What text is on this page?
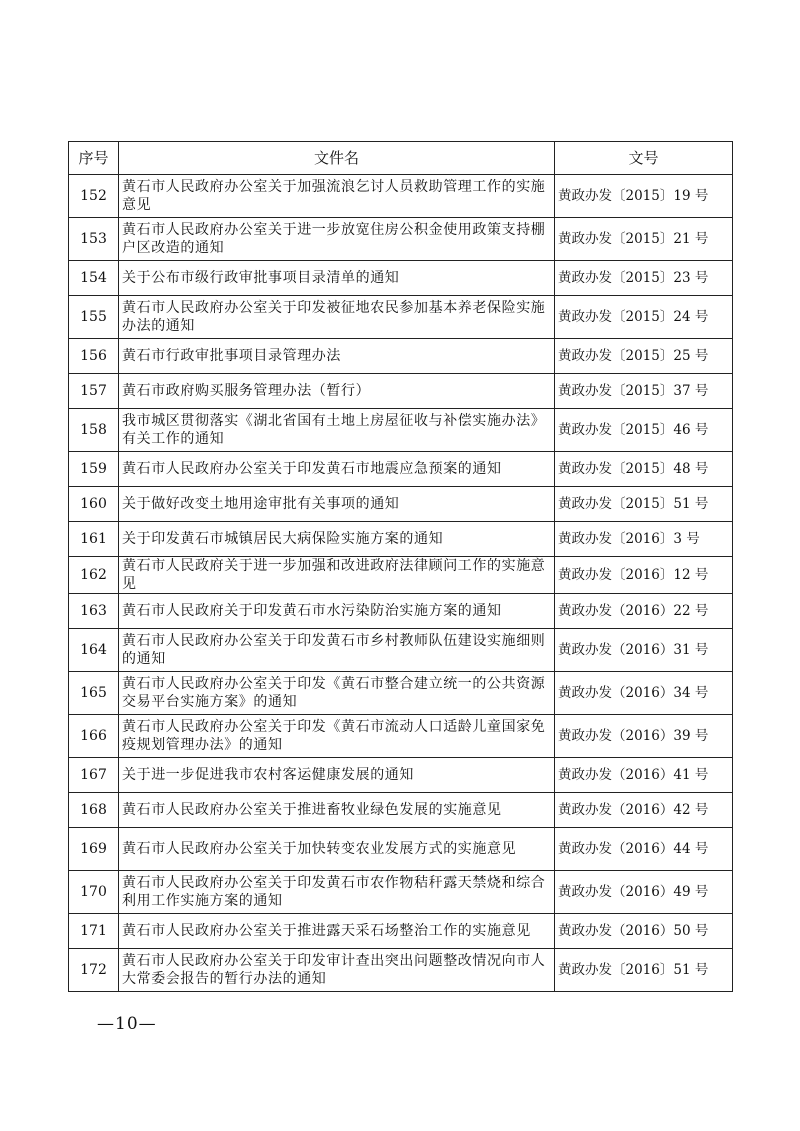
序号	文件名	文号
152	黄石市人民政府办公室关于加强流浪乞讨人员救助管理工作的实施意见	黄政办发〔2015〕19 号
153	黄石市人民政府办公室关于进一步放宽住房公积金使用政策支持棚户区改造的通知	黄政办发〔2015〕21 号
154	关于公布市级行政审批事项目录清单的通知	黄政办发〔2015〕23 号
155	黄石市人民政府办公室关于印发被征地农民参加基本养老保险实施办法的通知	黄政办发〔2015〕24 号
156	黄石市行政审批事项目录管理办法	黄政办发〔2015〕25 号
157	黄石市政府购买服务管理办法（暂行）	黄政办发〔2015〕37 号
158	我市城区贯彻落实《湖北省国有土地上房屋征收与补偿实施办法》有关工作的通知	黄政办发〔2015〕46 号
159	黄石市人民政府办公室关于印发黄石市地震应急预案的通知	黄政办发〔2015〕48 号
160	关于做好改变土地用途审批有关事项的通知	黄政办发〔2015〕51 号
161	关于印发黄石市城镇居民大病保险实施方案的通知	黄政办发〔2016〕3 号
162	黄石市人民政府关于进一步加强和改进政府法律顾问工作的实施意见	黄政办发〔2016〕12 号
163	黄石市人民政府关于印发黄石市水污染防治实施方案的通知	黄政办发（2016）22 号
164	黄石市人民政府办公室关于印发黄石市乡村教师队伍建设实施细则的通知	黄政办发（2016）31 号
165	黄石市人民政府办公室关于印发《黄石市整合建立统一的公共资源交易平台实施方案》的通知	黄政办发（2016）34 号
166	黄石市人民政府办公室关于印发《黄石市流动人口适龄儿童国家免疫规划管理办法》的通知	黄政办发（2016）39 号
167	关于进一步促进我市农村客运健康发展的通知	黄政办发（2016）41 号
168	黄石市人民政府办公室关于推进畜牧业绿色发展的实施意见	黄政办发（2016）42 号
169	黄石市人民政府办公室关于加快转变农业发展方式的实施意见	黄政办发（2016）44 号
170	黄石市人民政府办公室关于印发黄石市农作物秸秆露天禁烧和综合利用工作实施方案的通知	黄政办发（2016）49 号
171	黄石市人民政府办公室关于推进露天采石场整治工作的实施意见	黄政办发（2016）50 号
172	黄石市人民政府办公室关于印发审计查出突出问题整改情况向市人大常委会报告的暂行办法的通知	黄政办发〔2016〕51 号
—10—
